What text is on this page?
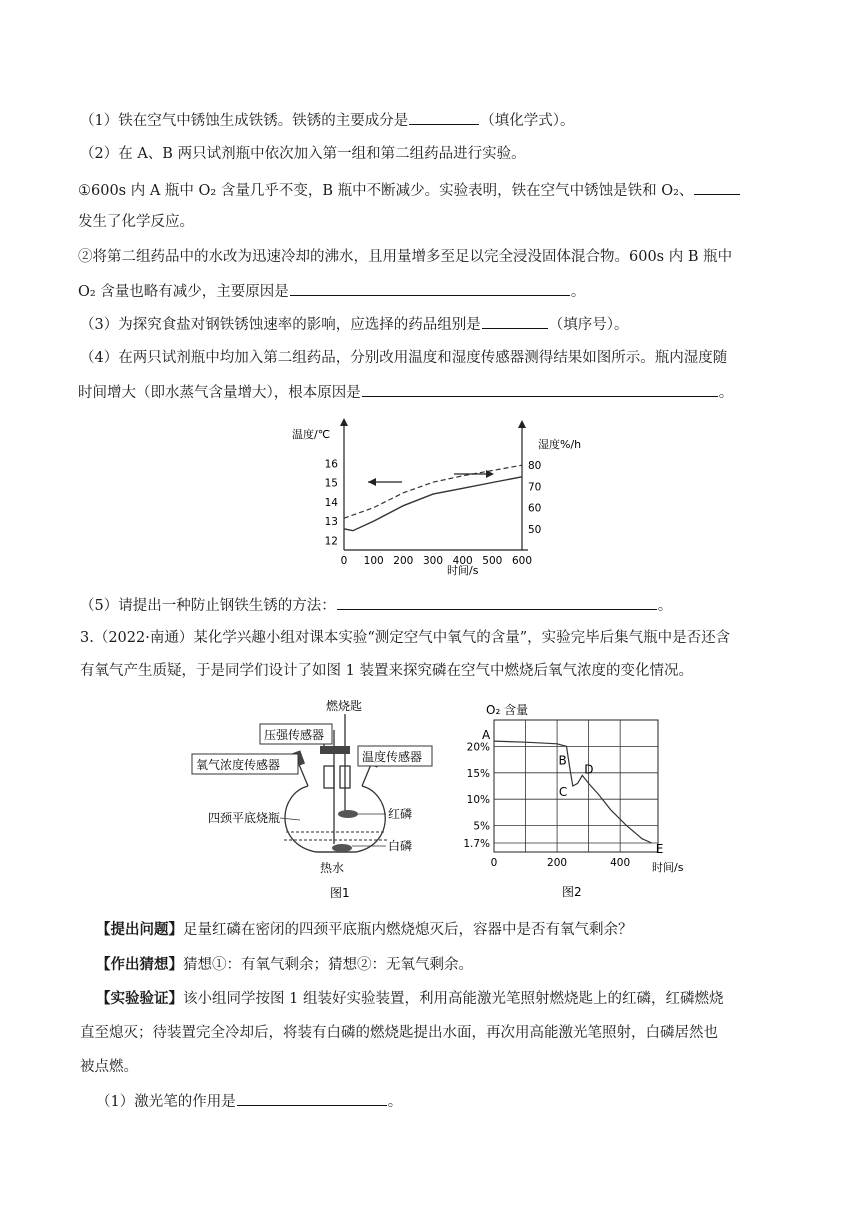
（1）铁在空气中锈蚀生成铁锈。铁锈的主要成分是	（填化学式）。
（2）在 A、B 两只试剂瓶中依次加入第一组和第二组药品进行实验。
①600s 内 A 瓶中 O₂ 含量几乎不变，B 瓶中不断减少。实验表明，铁在空气中锈蚀是铁和 O₂、
发生了化学反应。
②将第二组药品中的水改为迅速冷却的沸水，且用量增多至足以完全浸没固体混合物。600s 内 B 瓶中
O₂ 含量也略有减少，主要原因是	。
（3）为探究食盐对钢铁锈蚀速率的影响，应选择的药品组别是	（填序号）。
（4）在两只试剂瓶中均加入第二组药品，分别改用温度和湿度传感器测得结果如图所示。瓶内湿度随
时间增大（即水蒸气含量增大），根本原因是	。
0 100 200 300 400 500 600
12
13
14
15
16
50
60
70
80
温度/℃
湿度%/h
时间/s
（5）请提出一种防止钢铁生锈的方法：	。
3.（2022·南通）某化学兴趣小组对课本实验“测定空气中氧气的含量”，实验完毕后集气瓶中是否还含
有氧气产生质疑，于是同学们设计了如图 1 装置来探究磷在空气中燃烧后氧气浓度的变化情况。
燃烧匙
压强传感器
温度传感器
氧气浓度传感器
红磷
四颈平底烧瓶
白磷
热水
图1
1.7%
5%
10%
15%
20%
0	200	400
A
B
C
D
E
O₂ 含量
时间/s
图2
【提出问题】足量红磷在密闭的四颈平底瓶内燃烧熄灭后，容器中是否有氧气剩余？
【作出猜想】猜想①：有氧气剩余；猜想②：无氧气剩余。
【实验验证】该小组同学按图 1 组装好实验装置，利用高能激光笔照射燃烧匙上的红磷，红磷燃烧
直至熄灭；待装置完全冷却后，将装有白磷的燃烧匙提出水面，再次用高能激光笔照射，白磷居然也
被点燃。
（1）激光笔的作用是	。
